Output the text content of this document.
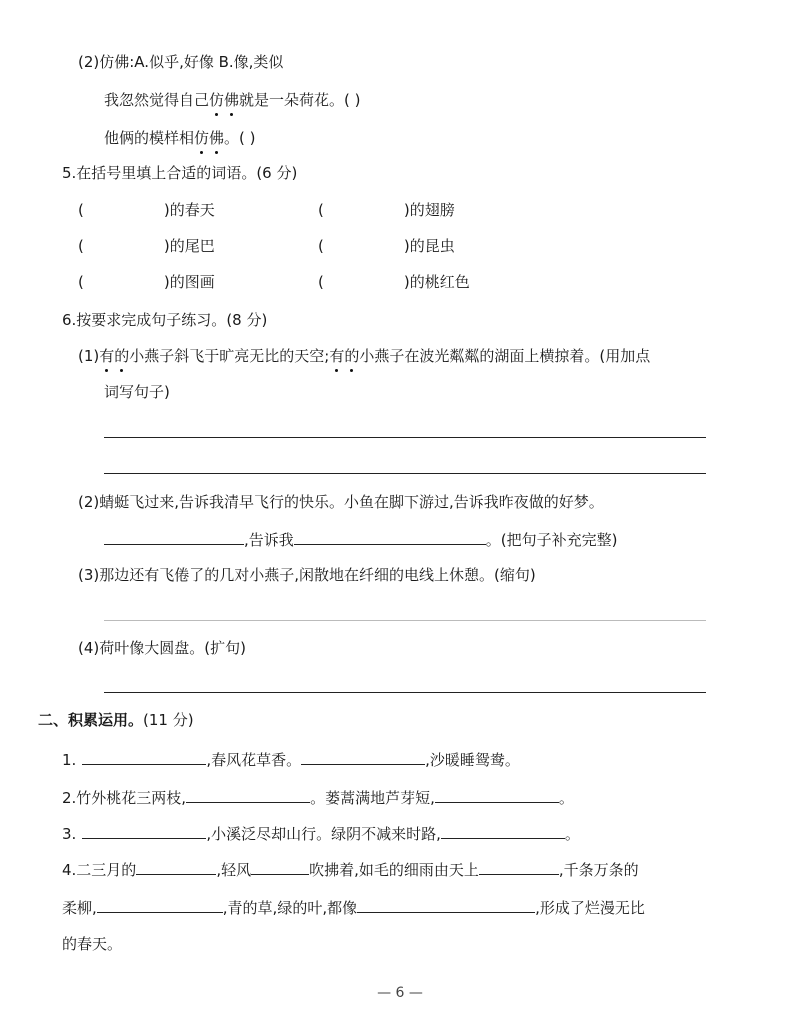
(2)仿佛:A.似乎,好像 B.像,类似
我忽然觉得自己仿佛就是一朵荷花。( )
他俩的模样相仿佛。( )
5.在括号里填上合适的词语。(6 分)
(	)的春天	(	)的翅膀
(	)的尾巴	(	)的昆虫
(	)的图画	(	)的桃红色
6.按要求完成句子练习。(8 分)
(1)有的小燕子斜飞于旷亮无比的天空;有的小燕子在波光粼粼的湖面上横掠着。(用加点
词写句子)
(2)蜻蜓飞过来,告诉我清早飞行的快乐。小鱼在脚下游过,告诉我昨夜做的好梦。
,告诉我	。(把句子补充完整)
(3)那边还有飞倦了的几对小燕子,闲散地在纤细的电线上休憩。(缩句)
(4)荷叶像大圆盘。(扩句)
二、积累运用。(11 分)
1.	,春风花草香。	,沙暖睡鸳鸯。
2.竹外桃花三两枝,	。蒌蒿满地芦芽短,	。
3.	,小溪泛尽却山行。绿阴不减来时路,	。
4.二三月的	,轻风	吹拂着,如毛的细雨由天上	,千条万条的
柔柳,	,青的草,绿的叶,都像	,形成了烂漫无比
的春天。
— 6 —
